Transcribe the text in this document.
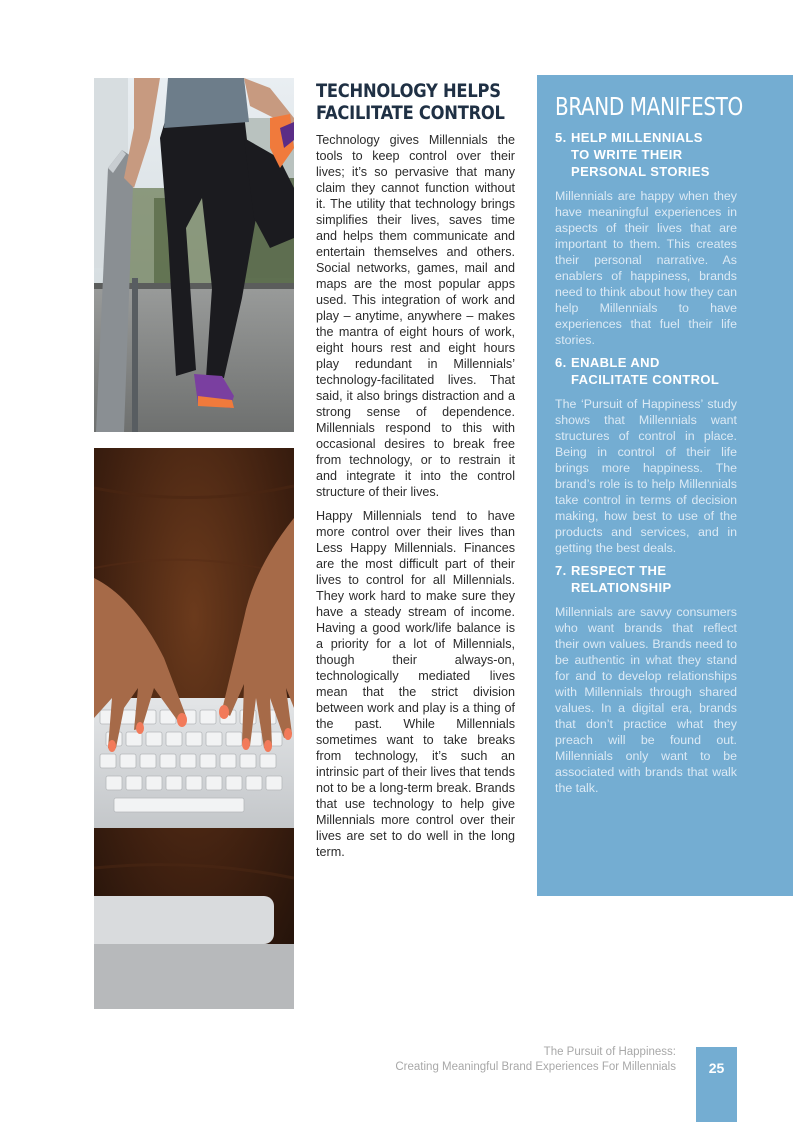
TECHNOLOGY HELPS
FACILITATE CONTROL

Technology gives Millennials the tools to keep control over their lives; it’s so pervasive that many claim they cannot function without it. The utility that technology brings simplifies their lives, saves time and helps them communicate and entertain themselves and others. Social networks, games, mail and maps are the most popular apps used. This integration of work and play – anytime, anywhere – makes the mantra of eight hours of work, eight hours rest and eight hours play redundant in Millennials’ technology-facilitated lives. That said, it also brings distraction and a strong sense of dependence. Millennials respond to this with occasional desires to break free from technology, or to restrain it and integrate it into the control structure of their lives.

Happy Millennials tend to have more control over their lives than Less Happy Millennials. Finances are the most difficult part of their lives to control for all Millennials. They work hard to make sure they have a steady stream of income. Having a good work/life balance is a priority for a lot of Millennials, though their always-on, technologically mediated lives mean that the strict division between work and play is a thing of the past. While Millennials sometimes want to take breaks from technology, it’s such an intrinsic part of their lives that tends not to be a long-term break. Brands that use technology to help give Millennials more control over their lives are set to do well in the long term.

BRAND MANIFESTO
5. HELP MILLENNIALS
TO WRITE THEIR PERSONAL STORIES

Millennials are happy when they have meaningful experiences in aspects of their lives that are important to them. This creates their personal narrative. As enablers of happiness, brands need to think about how they can help Millennials to have experiences that fuel their life stories.

6. ENABLE AND
FACILITATE CONTROL

The ‘Pursuit of Happiness’ study shows that Millennials want structures of control in place. Being in control of their life brings more happiness. The brand’s role is to help Millennials take control in terms of decision making, how best to use of the products and services, and in getting the best deals.

7. RESPECT THE
RELATIONSHIP

Millennials are savvy consumers who want brands that reflect their own values. Brands need to be authentic in what they stand for and to develop relationships with Millennials through shared values. In a digital era, brands that don’t practice what they preach will be found out. Millennials only want to be associated with brands that walk the talk.

The Pursuit of Happiness:
Creating Meaningful Brand Experiences For Millennials	25
